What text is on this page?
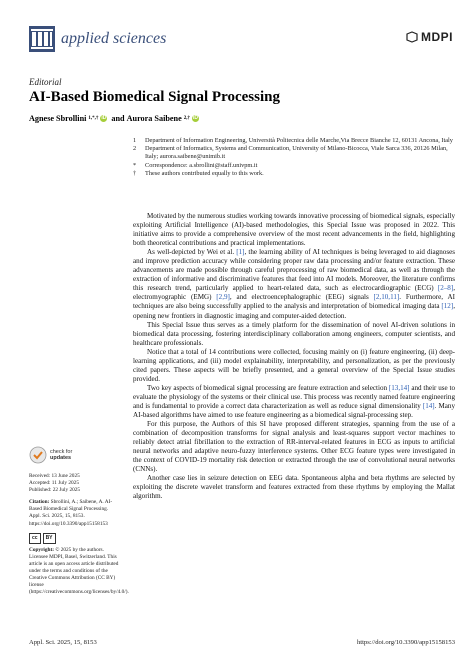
applied sciences	MDPI
Editorial
AI-Based Biomedical Signal Processing
Agnese Sbrollini 1,*,† iD and Aurora Saibene 2,† iD
1	Department of Information Engineering, Università Politecnica delle Marche,Via Brecce Bianche 12, 60131 Ancona, Italy
2	Department of Informatics, Systems and Communication, University of Milano-Bicocca, Viale Sarca 336, 20126 Milan, Italy; aurora.saibene@unimib.it
*	Correspondence: a.sbrollini@staff.univpm.it
†	These authors contributed equally to this work.

Motivated by the numerous studies working towards innovative processing of biomedical signals, especially exploiting Artificial Intelligence (AI)-based methodologies, this Special Issue was proposed in 2022. This initiative aims to provide a comprehensive overview of the most recent advancements in the field, highlighting both theoretical contributions and practical implementations.

As well-depicted by Wei et al. [1], the learning ability of AI techniques is being leveraged to aid diagnoses and improve prediction accuracy while considering proper raw data processing and/or feature extraction. These advancements are made possible through careful preprocessing of raw biomedical data, as well as through the extraction of informative and discriminative features that feed into AI models. Moreover, the literature confirms this research trend, particularly applied to heart-related data, such as electrocardiographic (ECG) [2–8], electromyographic (EMG) [2,9], and electroencephalographic (EEG) signals [2,10,11]. Furthermore, AI techniques are also being successfully applied to the analysis and interpretation of biomedical imaging data [12], opening new frontiers in diagnostic imaging and computer-aided detection.

This Special Issue thus serves as a timely platform for the dissemination of novel AI-driven solutions in biomedical data processing, fostering interdisciplinary collaboration among engineers, computer scientists, and healthcare professionals.

Notice that a total of 14 contributions were collected, focusing mainly on (i) feature engineering, (ii) deep-learning applications, and (iii) model explainability, interpretability, and personalization, as per the previously cited papers. These aspects will be briefly presented, and a general overview of the Special Issue studies provided.

Two key aspects of biomedical signal processing are feature extraction and selection [13,14] and their use to evaluate the physiology of the systems or their clinical use. This process was recently named feature engineering and is fundamental to provide a correct data characterization as well as reduce signal dimensionality [14]. Many AI-based algorithms have aimed to use feature engineering as a biomedical signal-processing step.

For this purpose, the Authors of this SI have proposed different strategies, spanning from the use of a combination of decomposition transforms for signal analysis and least-squares support vector machines to reliably detect atrial fibrillation to the extraction of RR-interval-related features in ECG as inputs to artificial neural networks and adaptive neuro-fuzzy interference systems. Other ECG feature types were investigated in the context of COVID-19 mortality risk detection or extracted through the use of convolutional neural networks (CNNs).

Another case lies in seizure detection on EEG data. Spontaneous alpha and beta rhythms are selected by exploiting the discrete wavelet transform and features extracted from these rhythms by employing the Mallat algorithm.

check for
updates
Received: 13 June 2025
Accepted: 11 July 2025
Published: 22 July 2025
Citation: Sbrollini, A.; Saibene, A. AI-Based Biomedical Signal Processing. Appl. Sci. 2025, 15, 8153. https://doi.org/10.3390/app15158153
cc	BY
Copyright: © 2025 by the authors. Licensee MDPI, Basel, Switzerland. This article is an open access article distributed under the terms and conditions of the Creative Commons Attribution (CC BY) license (https://creativecommons.org/licenses/by/4.0/).
Appl. Sci. 2025, 15, 8153	https://doi.org/10.3390/app15158153
